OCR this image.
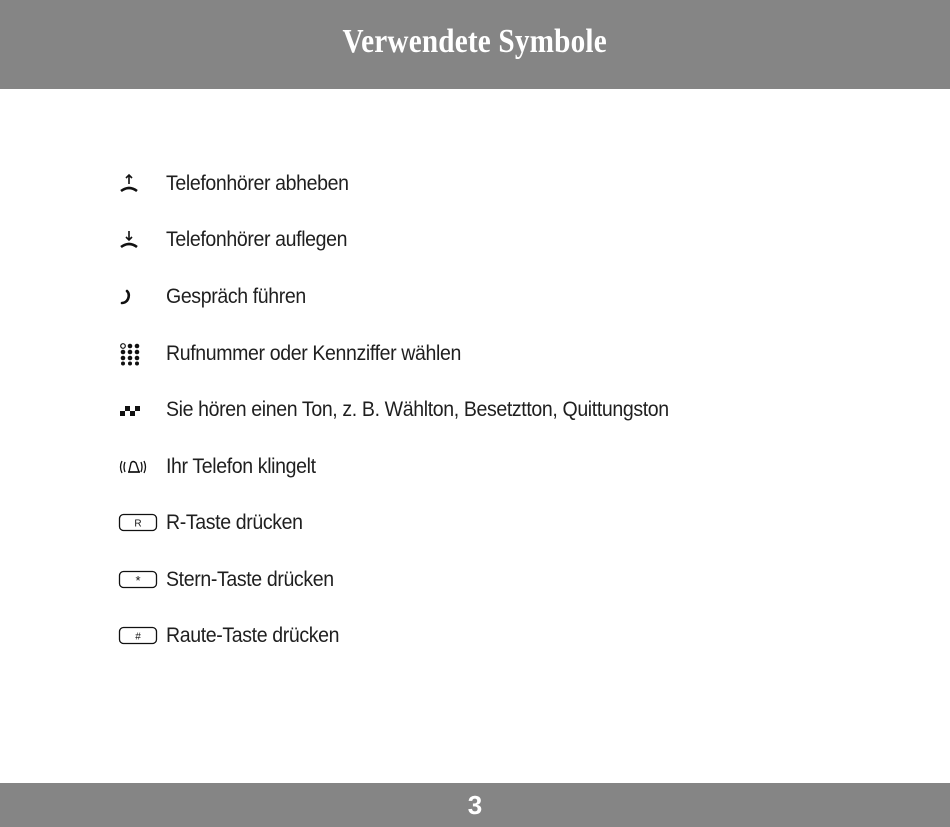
Verwendete Symbole
Telefonhörer abheben
Telefonhörer auflegen
Gespräch führen
Rufnummer oder Kennziffer wählen
Sie hören einen Ton, z. B. Wählton, Besetztton, Quittungston
Ihr Telefon klingelt
R R-Taste drücken
* Stern-Taste drücken
# Raute-Taste drücken
3
